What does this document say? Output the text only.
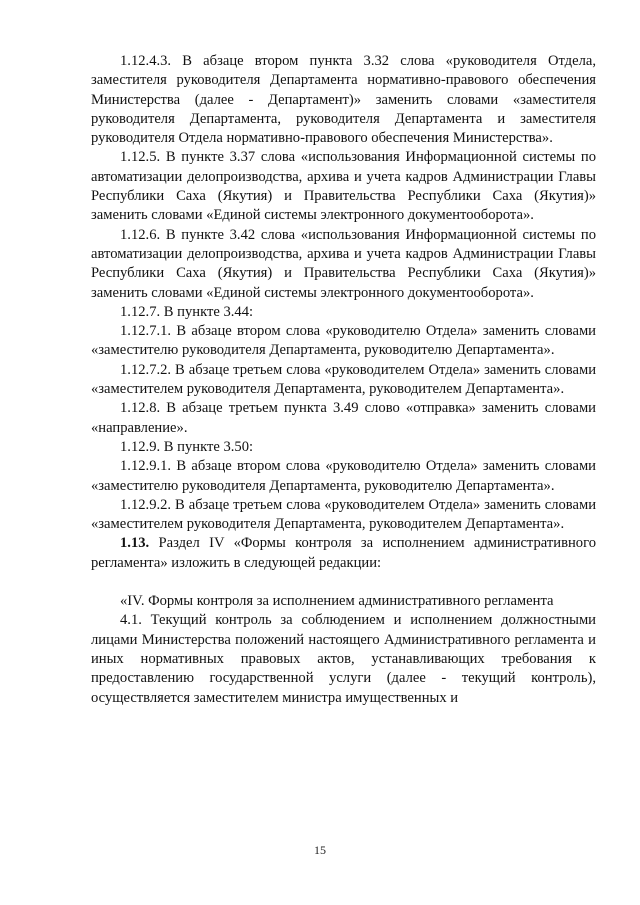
1.12.4.3. В абзаце втором пункта 3.32 слова «руководителя Отдела, заместителя руководителя Департамента нормативно-правового обеспечения Министерства (далее - Департамент)» заменить словами «заместителя руководителя Департамента, руководителя Департамента и заместителя руководителя Отдела нормативно-правового обеспечения Министерства».

1.12.5. В пункте 3.37 слова «использования Информационной системы по автоматизации делопроизводства, архива и учета кадров Администрации Главы Республики Саха (Якутия) и Правительства Республики Саха (Якутия)» заменить словами «Единой системы электронного документооборота».

1.12.6. В пункте 3.42 слова «использования Информационной системы по автоматизации делопроизводства, архива и учета кадров Администрации Главы Республики Саха (Якутия) и Правительства Республики Саха (Якутия)» заменить словами «Единой системы электронного документооборота».

1.12.7. В пункте 3.44:

1.12.7.1. В абзаце втором слова «руководителю Отдела» заменить словами «заместителю руководителя Департамента, руководителю Департамента».

1.12.7.2. В абзаце третьем слова «руководителем Отдела» заменить словами «заместителем руководителя Департамента, руководителем Департамента».

1.12.8. В абзаце третьем пункта 3.49 слово «отправка» заменить словами «направление».

1.12.9. В пункте 3.50:

1.12.9.1. В абзаце втором слова «руководителю Отдела» заменить словами «заместителю руководителя Департамента, руководителю Департамента».

1.12.9.2. В абзаце третьем слова «руководителем Отдела» заменить словами «заместителем руководителя Департамента, руководителем Департамента».

1.13. Раздел IV «Формы контроля за исполнением административного регламента» изложить в следующей редакции:

«IV. Формы контроля за исполнением административного регламента

4.1. Текущий контроль за соблюдением и исполнением должностными лицами Министерства положений настоящего Административного регламента и иных нормативных правовых актов, устанавливающих требования к предоставлению государственной услуги (далее - текущий контроль), осуществляется заместителем министра имущественных и

15
